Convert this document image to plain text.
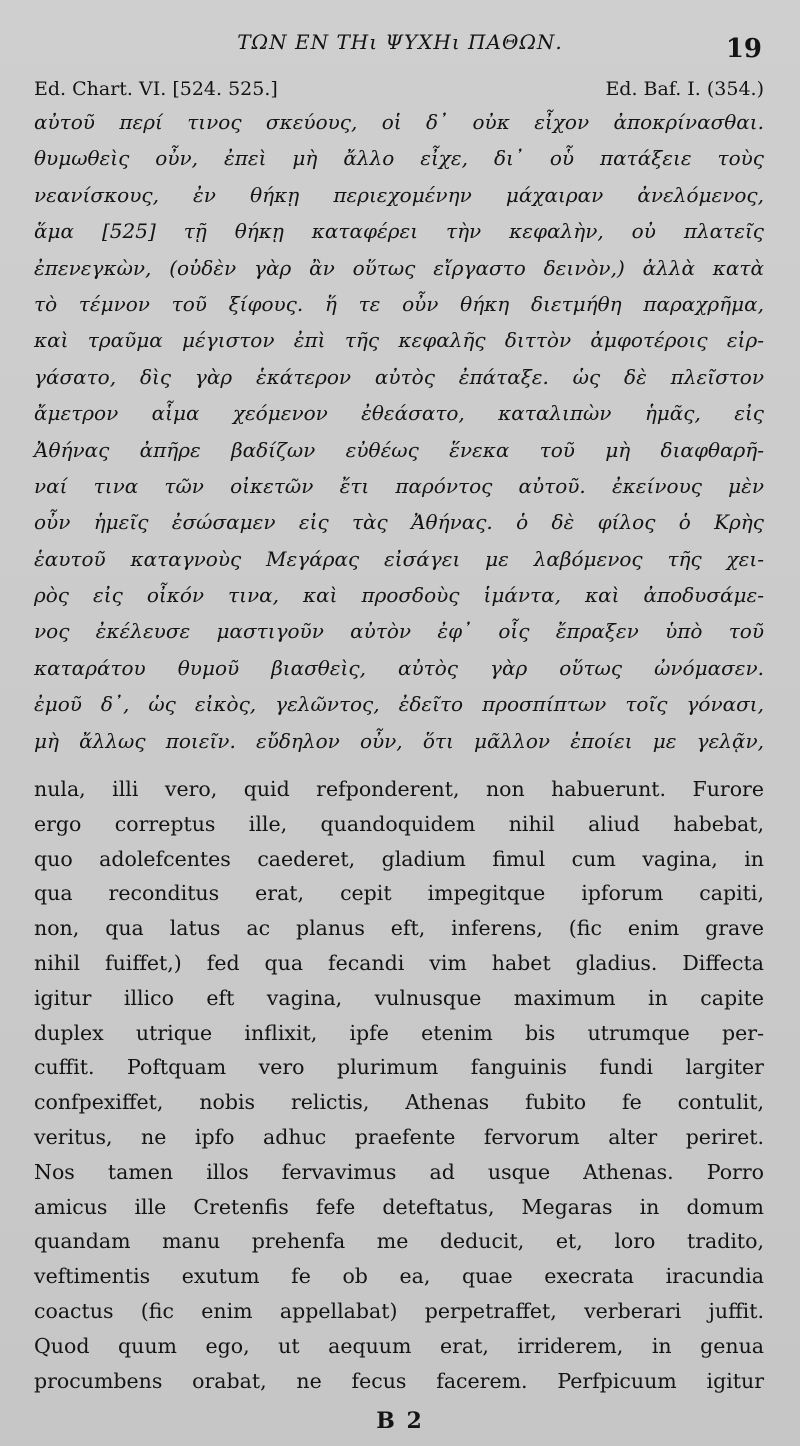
ΤΩΝ ΕΝ ΤΗι ΨΥΧΗι ΠΑΘΩΝ.	19
Ed. Chart. VI. [524. 525.]	Ed. Baf. I. (354.)
αὐτοῦ περί τινος σκεύους, οἱ δ᾽ οὐκ εἶχον ἀποκρίνασθαι.
θυμωθεὶς οὖν, ἐπεὶ μὴ ἄλλο εἶχε, δι᾽ οὗ πατάξειε τοὺς
νεανίσκους, ἐν θήκῃ περιεχομένην μάχαιραν ἀνελόμενος,
ἅμα [525] τῇ θήκῃ καταφέρει τὴν κεφαλὴν, οὐ πλατεῖς
ἐπενεγκὼν, (οὐδὲν γὰρ ἂν οὕτως εἴργαστο δεινὸν,) ἀλλὰ κατὰ
τὸ τέμνον τοῦ ξίφους. ἥ τε οὖν θήκη διετμήθη παραχρῆμα,
καὶ τραῦμα μέγιστον ἐπὶ τῆς κεφαλῆς διττὸν ἀμφοτέροις εἰρ-
γάσατο, δὶς γὰρ ἑκάτερον αὐτὸς ἐπάταξε. ὡς δὲ πλεῖστον
ἄμετρον αἷμα χεόμενον ἐθεάσατο, καταλιπὼν ἡμᾶς, εἰς
Ἀθήνας ἀπῆρε βαδίζων εὐθέως ἕνεκα τοῦ μὴ διαφθαρῆ-
ναί τινα τῶν οἰκετῶν ἔτι παρόντος αὐτοῦ. ἐκείνους μὲν
οὖν ἡμεῖς ἐσώσαμεν εἰς τὰς Ἀθήνας. ὁ δὲ φίλος ὁ Κρὴς
ἑαυτοῦ καταγνοὺς Μεγάρας εἰσάγει με λαβόμενος τῆς χει-
ρὸς εἰς οἶκόν τινα, καὶ προσδοὺς ἱμάντα, καὶ ἀποδυσάμε-
νος ἐκέλευσε μαστιγοῦν αὐτὸν ἐφ᾽ οἷς ἔπραξεν ὑπὸ τοῦ
καταράτου θυμοῦ βιασθεὶς, αὐτὸς γὰρ οὕτως ὠνόμασεν.
ἐμοῦ δ᾽, ὡς εἰκὸς, γελῶντος, ἐδεῖτο προσπίπτων τοῖς γόνασι,
μὴ ἄλλως ποιεῖν. εὔδηλον οὖν, ὅτι μᾶλλον ἐποίει με γελᾷν,
nula, illi vero, quid refponderent, non habuerunt. Furore
ergo correptus ille, quandoquidem nihil aliud habebat,
quo adolefcentes caederet, gladium fimul cum vagina, in
qua reconditus erat, cepit impegitque ipforum capiti,
non, qua latus ac planus eft, inferens, (fic enim grave
nihil fuiffet,) fed qua fecandi vim habet gladius. Diffecta
igitur illico eft vagina, vulnusque maximum in capite
duplex utrique inflixit, ipfe etenim bis utrumque per-
cuffit. Poftquam vero plurimum fanguinis fundi largiter
confpexiffet, nobis relictis, Athenas fubito fe contulit,
veritus, ne ipfo adhuc praefente fervorum alter periret.
Nos tamen illos fervavimus ad usque Athenas. Porro
amicus ille Cretenfis fefe deteftatus, Megaras in domum
quandam manu prehenfa me deducit, et, loro tradito,
veftimentis exutum fe ob ea, quae execrata iracundia
coactus (fic enim appellabat) perpetraffet, verberari juffit.
Quod quum ego, ut aequum erat, irriderem, in genua
procumbens orabat, ne fecus facerem. Perfpicuum igitur
B 2
